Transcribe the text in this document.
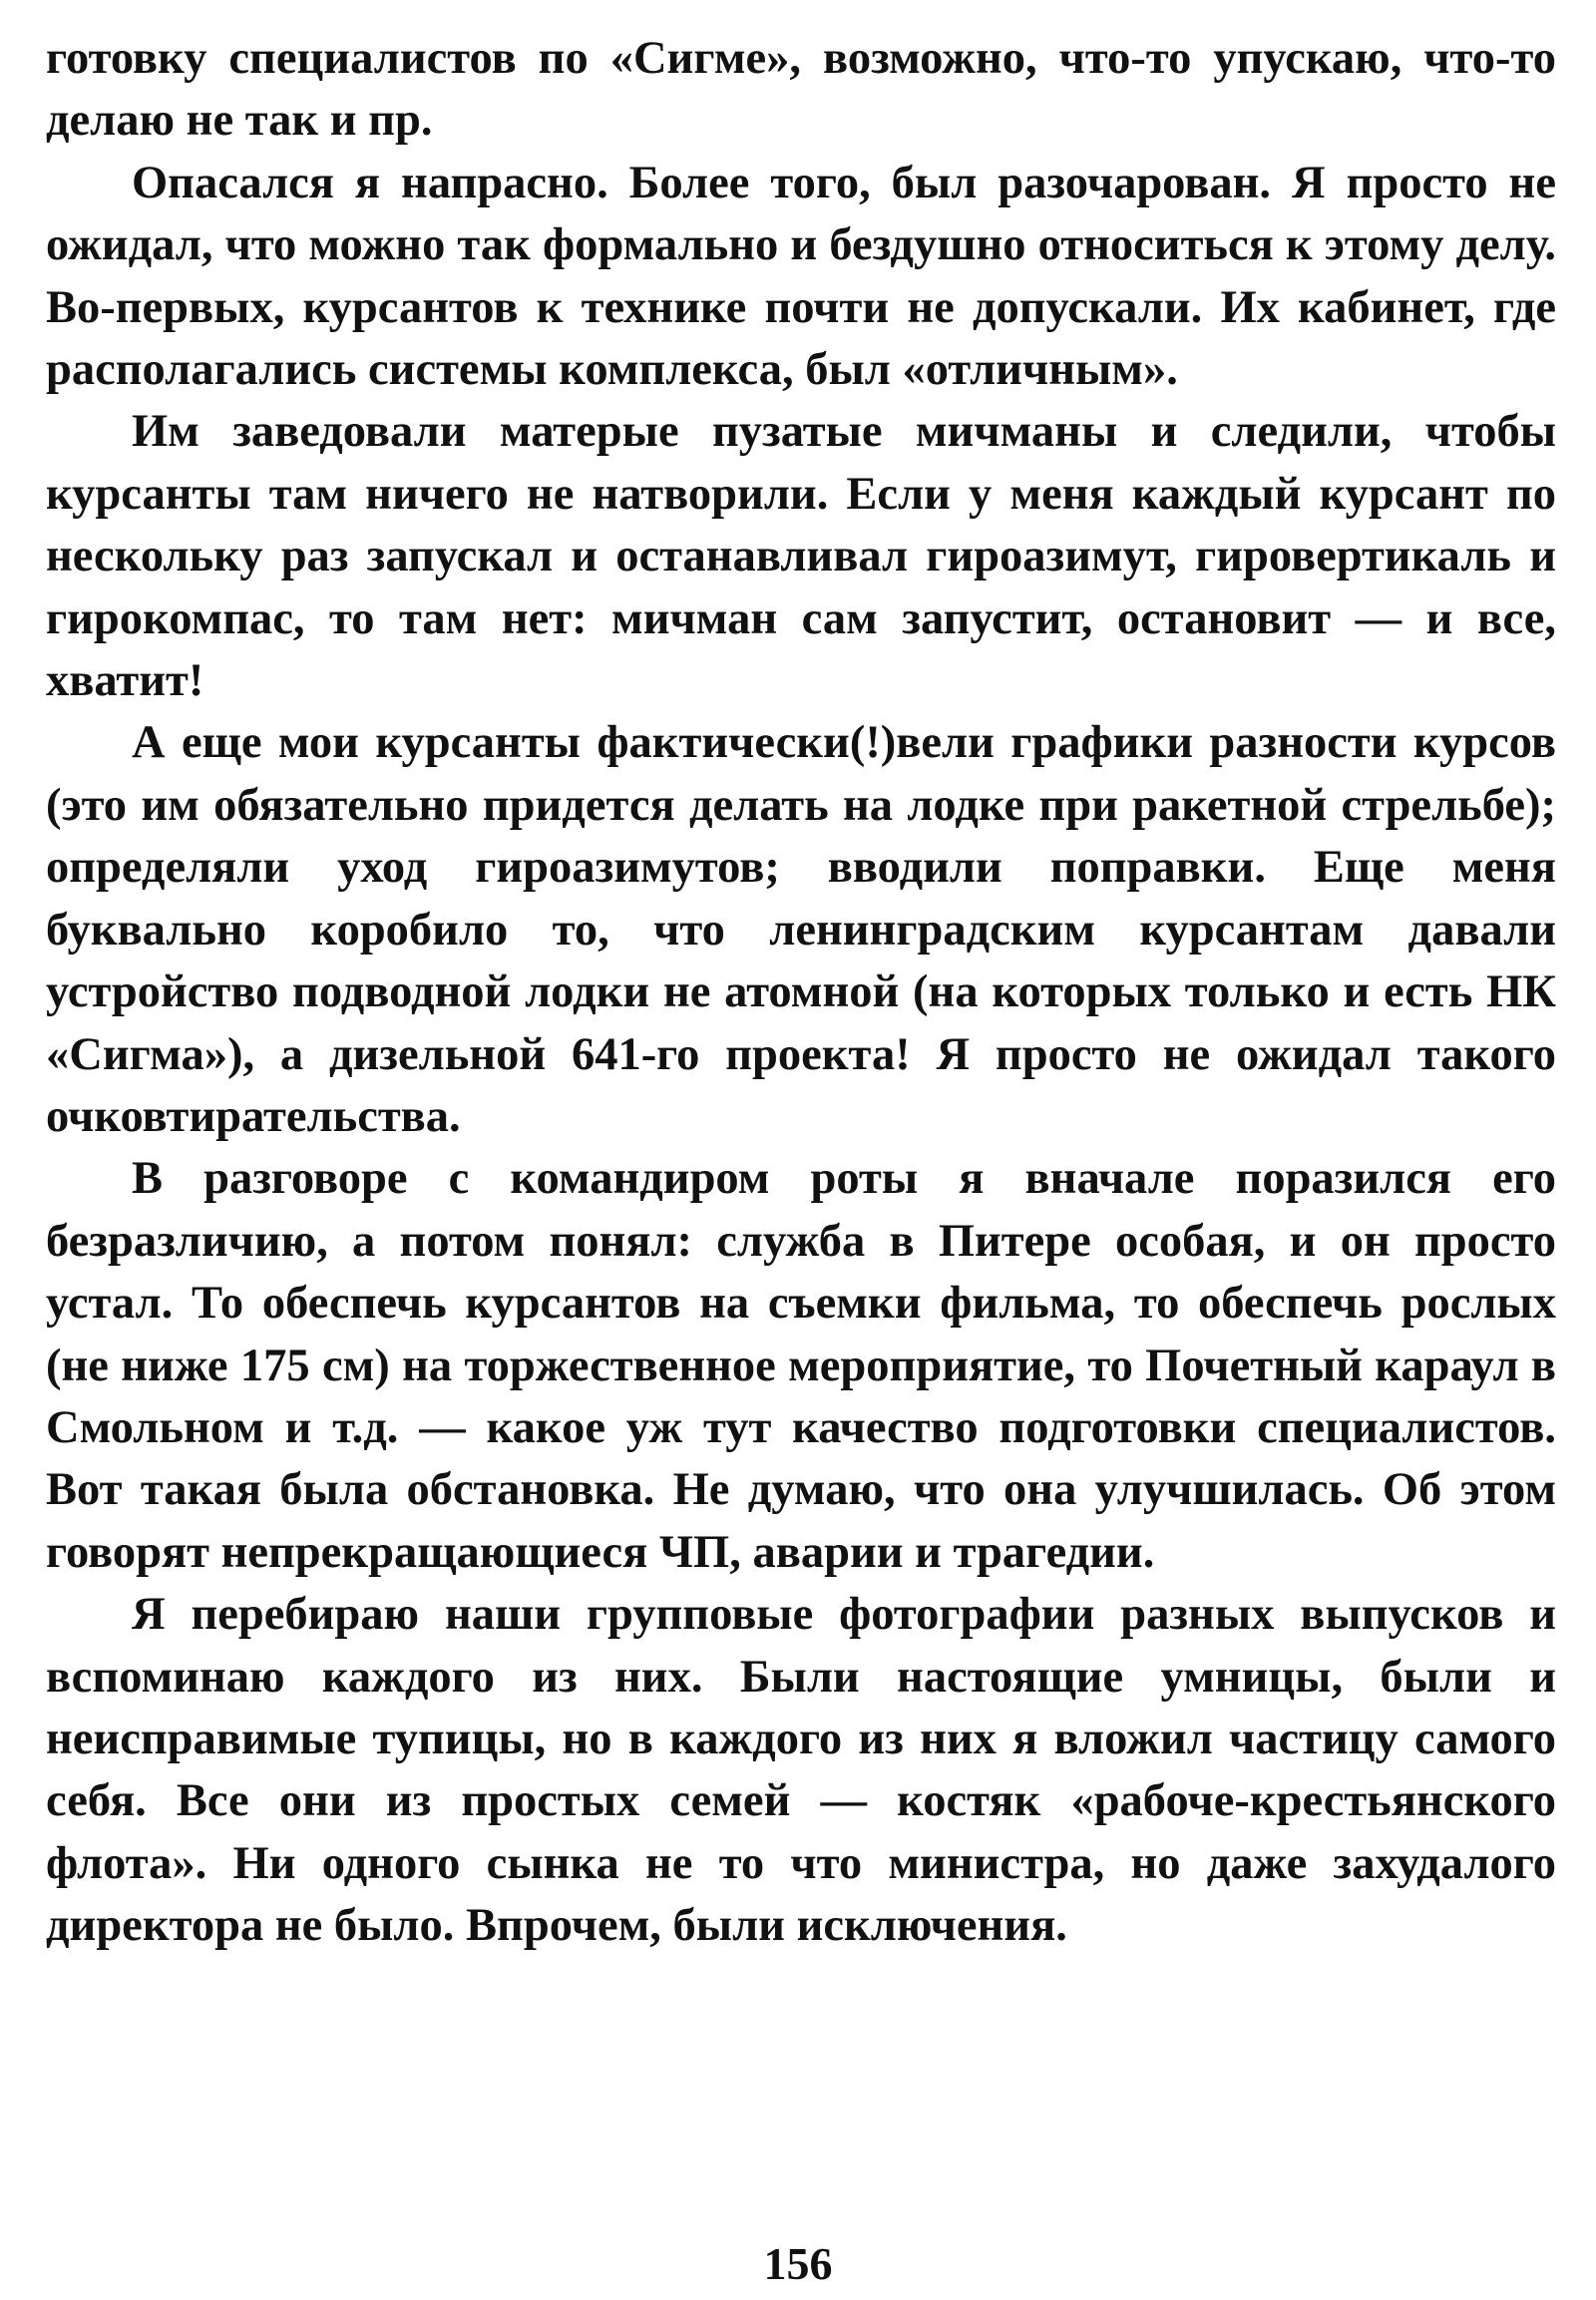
готовку специалистов по «Сигме», возможно, что-то упускаю, что-то делаю не так и пр.

Опасался я напрасно. Более того, был разочарован. Я просто не ожидал, что можно так формально и бездушно относиться к этому делу. Во-первых, курсантов к технике почти не допускали. Их кабинет, где располагались системы комплекса, был «отличным».

Им заведовали матерые пузатые мичманы и следили, чтобы курсанты там ничего не натворили. Если у меня каждый курсант по нескольку раз запускал и останавливал гироазимут, гировертикаль и гирокомпас, то там нет: мичман сам запустит, остановит — и все, хватит!

А еще мои курсанты фактически(!)вели графики разности курсов (это им обязательно придется делать на лодке при ракетной стрельбе); определяли уход гироазимутов; вводили поправки. Еще меня буквально коробило то, что ленинградским курсантам давали устройство подводной лодки не атомной (на которых только и есть НК «Сигма»), а дизельной 641-го проекта! Я просто не ожидал такого очковтирательства.

В разговоре с командиром роты я вначале поразился его безразличию, а потом понял: служба в Питере особая, и он просто устал. То обеспечь курсантов на съемки фильма, то обеспечь рослых (не ниже 175 см) на торжественное мероприятие, то Почетный караул в Смольном и т.д. — какое уж тут качество подготовки специалистов. Вот такая была обстановка. Не думаю, что она улучшилась. Об этом говорят непрекращающиеся ЧП, аварии и трагедии.

Я перебираю наши групповые фотографии разных выпусков и вспоминаю каждого из них. Были настоящие умницы, были и неисправимые тупицы, но в каждого из них я вложил частицу самого себя. Все они из простых семей — костяк «рабоче-крестьянского флота». Ни одного сынка не то что министра, но даже захудалого директора не было. Впрочем, были исключения.

156
